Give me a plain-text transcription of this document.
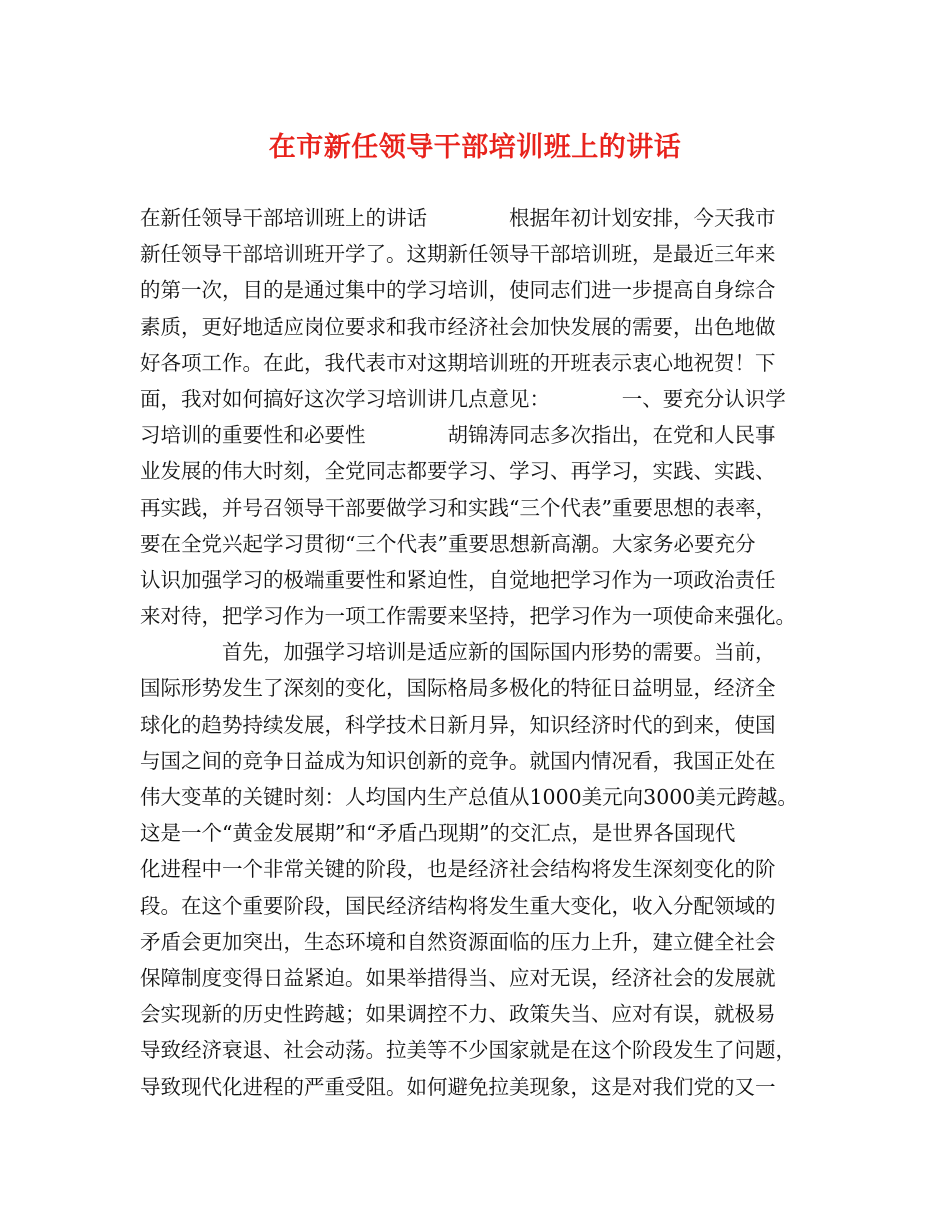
在市新任领导干部培训班上的讲话
在新任领导干部培训班上的讲话　　　　根据年初计划安排，今天我市
新任领导干部培训班开学了。这期新任领导干部培训班，是最近三年来
的第一次，目的是通过集中的学习培训，使同志们进一步提高自身综合
素质，更好地适应岗位要求和我市经济社会加快发展的需要，出色地做
好各项工作。在此，我代表市对这期培训班的开班表示衷心地祝贺！下
面，我对如何搞好这次学习培训讲几点意见：　　　　一、要充分认识学
习培训的重要性和必要性　　　　胡锦涛同志多次指出，在党和人民事
业发展的伟大时刻，全党同志都要学习、学习、再学习，实践、实践、
再实践，并号召领导干部要做学习和实践“三个代表”重要思想的表率，
要在全党兴起学习贯彻“三个代表”重要思想新高潮。大家务必要充分
认识加强学习的极端重要性和紧迫性，自觉地把学习作为一项政治责任
来对待，把学习作为一项工作需要来坚持，把学习作为一项使命来强化。
　　　　首先，加强学习培训是适应新的国际国内形势的需要。当前，
国际形势发生了深刻的变化，国际格局多极化的特征日益明显，经济全
球化的趋势持续发展，科学技术日新月异，知识经济时代的到来，使国
与国之间的竞争日益成为知识创新的竞争。就国内情况看，我国正处在
伟大变革的关键时刻：人均国内生产总值从1000美元向3000美元跨越。
这是一个“黄金发展期”和“矛盾凸现期”的交汇点，是世界各国现代
化进程中一个非常关键的阶段，也是经济社会结构将发生深刻变化的阶
段。在这个重要阶段，国民经济结构将发生重大变化，收入分配领域的
矛盾会更加突出，生态环境和自然资源面临的压力上升，建立健全社会
保障制度变得日益紧迫。如果举措得当、应对无误，经济社会的发展就
会实现新的历史性跨越；如果调控不力、政策失当、应对有误，就极易
导致经济衰退、社会动荡。拉美等不少国家就是在这个阶段发生了问题，
导致现代化进程的严重受阻。如何避免拉美现象，这是对我们党的又一
